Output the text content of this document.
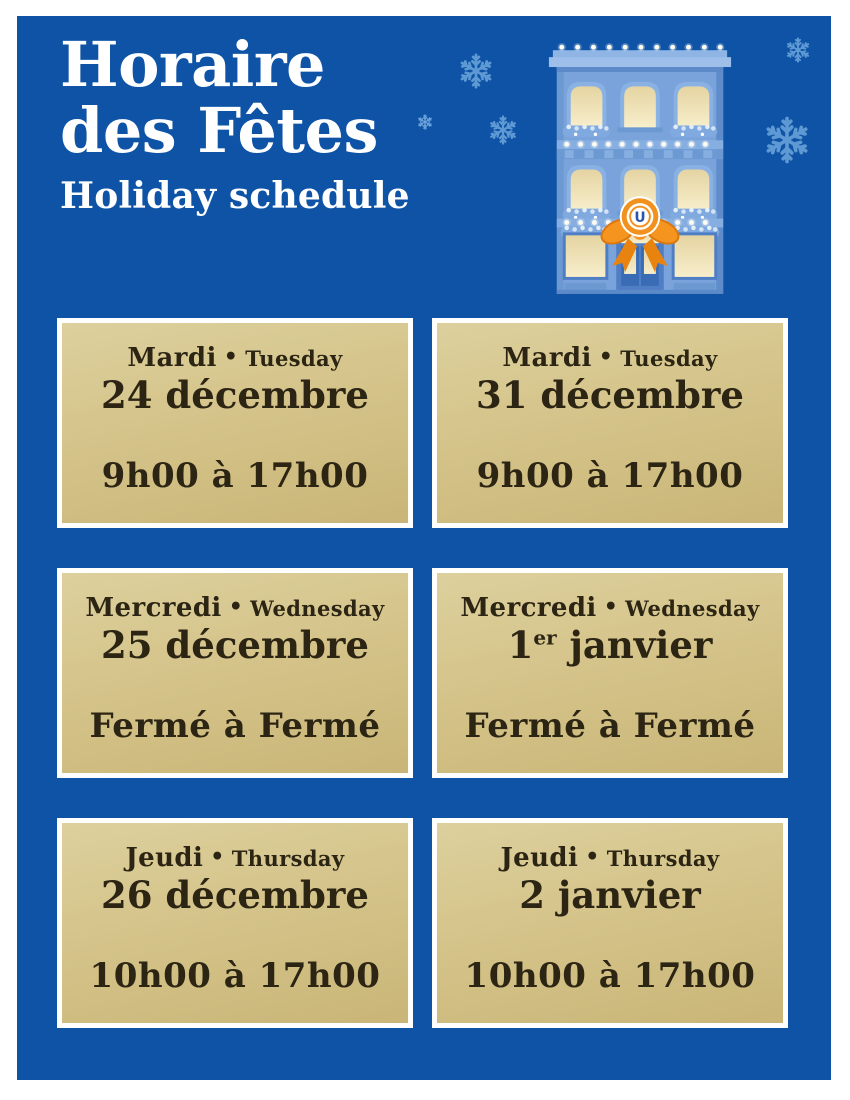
Horaire
des Fêtes
Holiday schedule
U
Mardi • Tuesday
24 décembre
9h00 à 17h00
Mardi • Tuesday
31 décembre
9h00 à 17h00
Mercredi • Wednesday
25 décembre
Fermé à Fermé
Mercredi • Wednesday
1er janvier
Fermé à Fermé
Jeudi • Thursday
26 décembre
10h00 à 17h00
Jeudi • Thursday
2 janvier
10h00 à 17h00
